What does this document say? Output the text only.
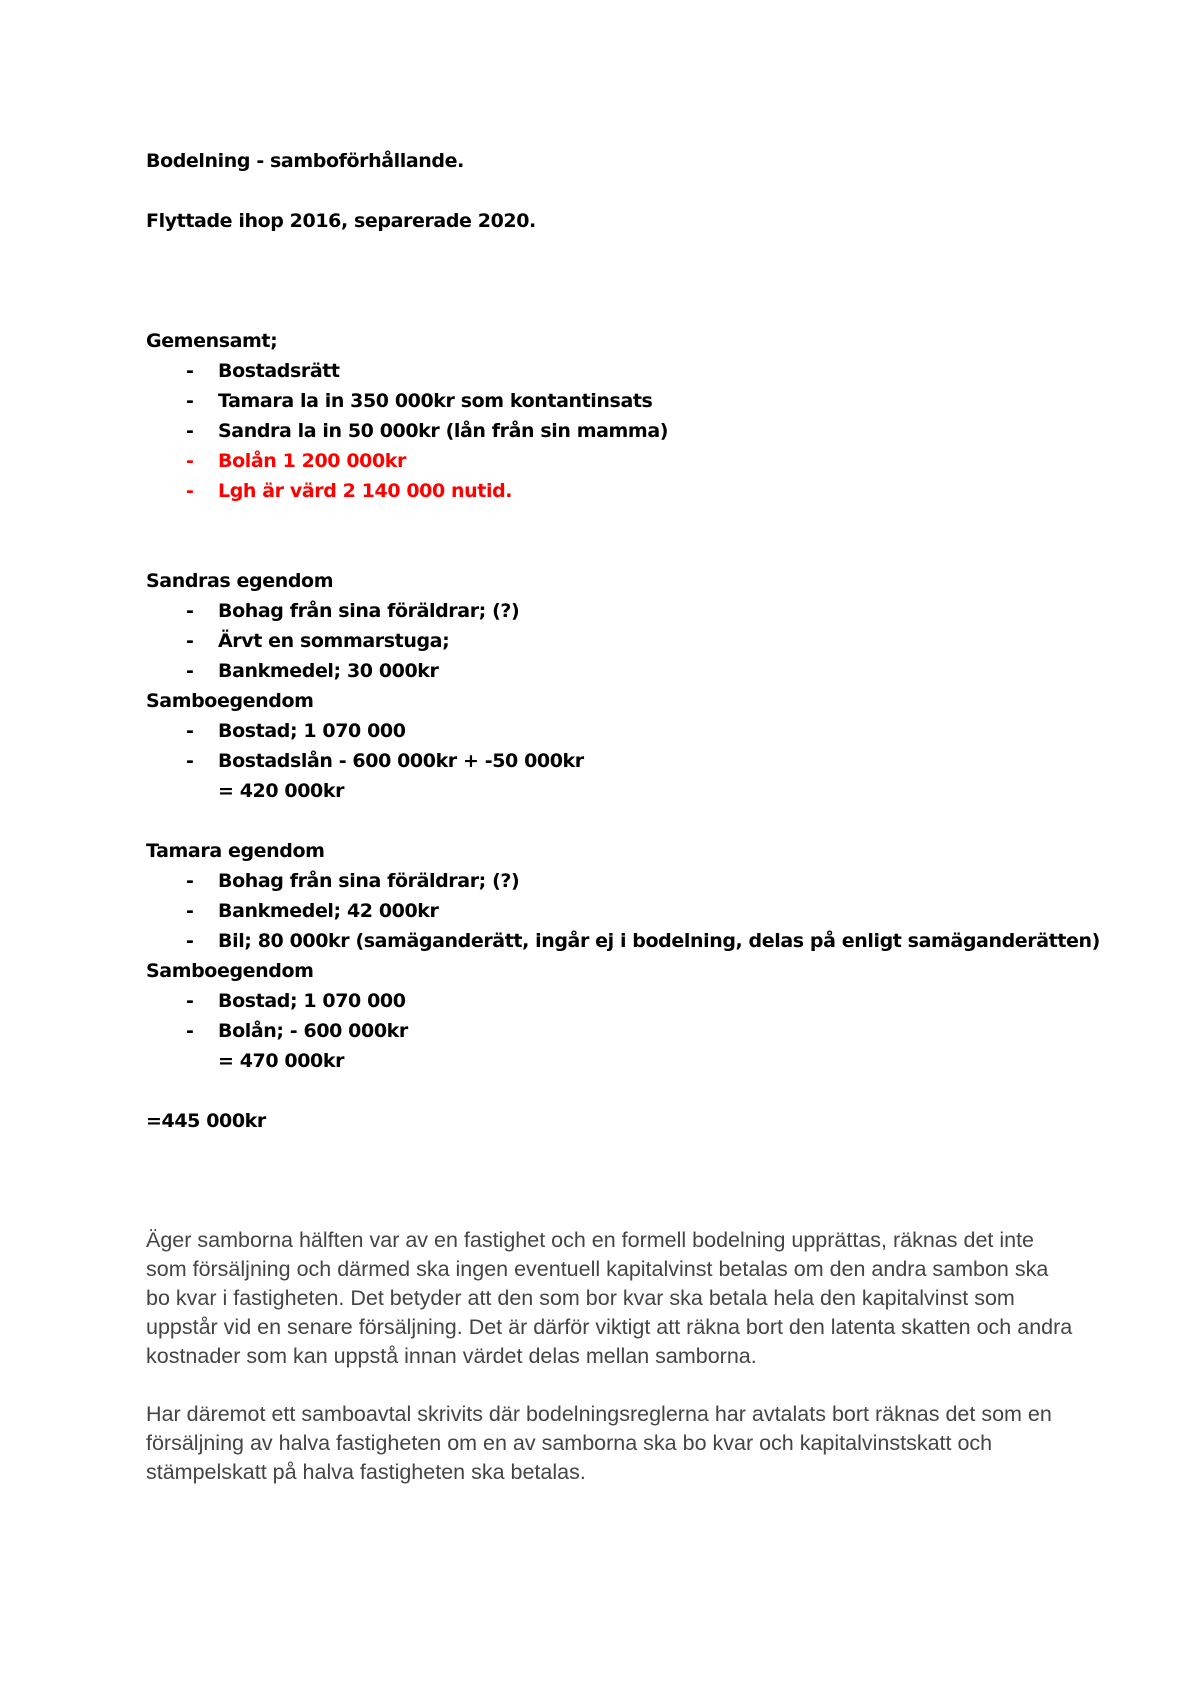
Bodelning - samboförhållande.
Flyttade ihop 2016, separerade 2020.
Gemensamt;
- Bostadsrätt
- Tamara la in 350 000kr som kontantinsats
- Sandra la in 50 000kr (lån från sin mamma)
- Bolån 1 200 000kr
- Lgh är värd 2 140 000 nutid.
Sandras egendom
- Bohag från sina föräldrar; (?)
- Ärvt en sommarstuga;
- Bankmedel; 30 000kr
Samboegendom
- Bostad; 1 070 000
- Bostadslån - 600 000kr + -50 000kr
= 420 000kr
Tamara egendom
- Bohag från sina föräldrar; (?)
- Bankmedel; 42 000kr
- Bil; 80 000kr (samäganderätt, ingår ej i bodelning, delas på enligt samäganderätten)
Samboegendom
- Bostad; 1 070 000
- Bolån; - 600 000kr
= 470 000kr
=445 000kr

Äger samborna hälften var av en fastighet och en formell bodelning upprättas, räknas det inte som försäljning och därmed ska ingen eventuell kapitalvinst betalas om den andra sambon ska bo kvar i fastigheten. Det betyder att den som bor kvar ska betala hela den kapitalvinst som uppstår vid en senare försäljning. Det är därför viktigt att räkna bort den latenta skatten och andra kostnader som kan uppstå innan värdet delas mellan samborna.

Har däremot ett samboavtal skrivits där bodelningsreglerna har avtalats bort räknas det som en försäljning av halva fastigheten om en av samborna ska bo kvar och kapitalvinstskatt och stämpelskatt på halva fastigheten ska betalas.
